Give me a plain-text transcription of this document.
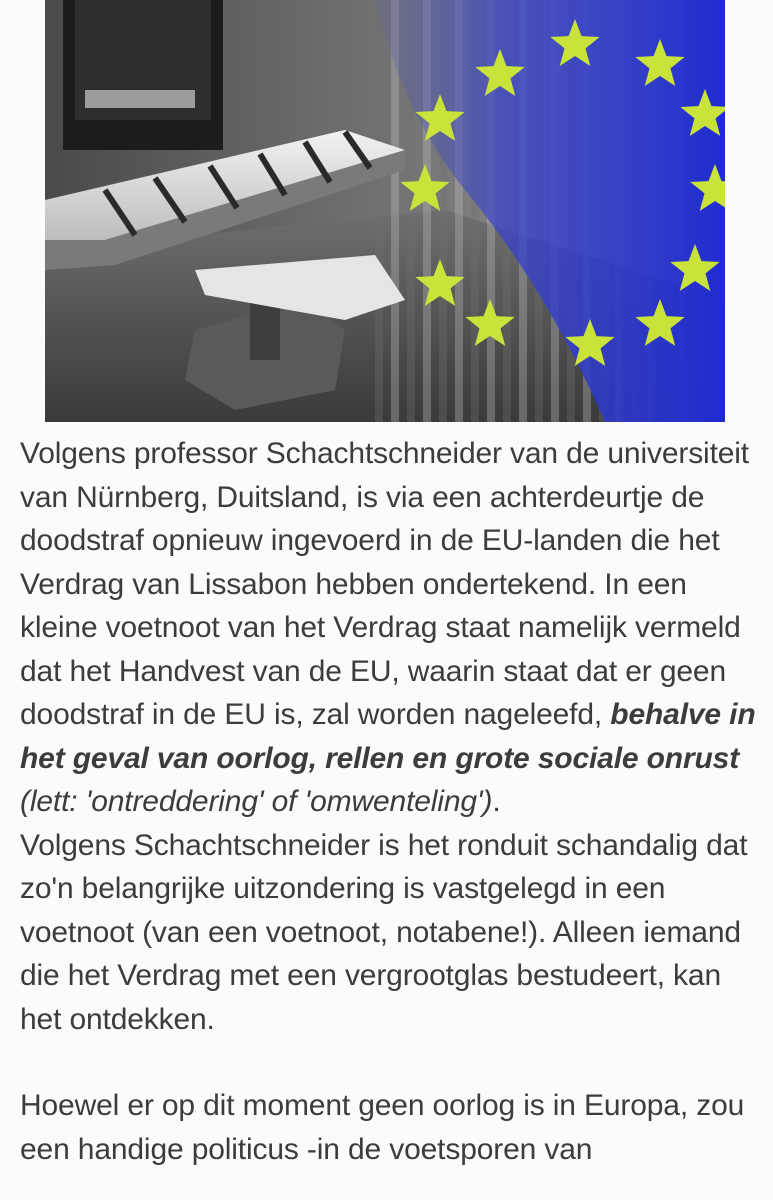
Volgens professor Schachtschneider van de universiteit van Nürnberg, Duitsland, is via een achterdeurtje de doodstraf opnieuw ingevoerd in de EU-landen die het Verdrag van Lissabon hebben ondertekend. In een kleine voetnoot van het Verdrag staat namelijk vermeld dat het Handvest van de EU, waarin staat dat er geen doodstraf in de EU is, zal worden nageleefd, behalve in het geval van oorlog, rellen en grote sociale onrust (lett: 'ontreddering' of 'omwenteling').

Volgens Schachtschneider is het ronduit schandalig dat zo'n belangrijke uitzondering is vastgelegd in een voetnoot (van een voetnoot, notabene!). Alleen iemand die het Verdrag met een vergrootglas bestudeert, kan het ontdekken.

Hoewel er op dit moment geen oorlog is in Europa, zou een handige politicus -in de voetsporen van
